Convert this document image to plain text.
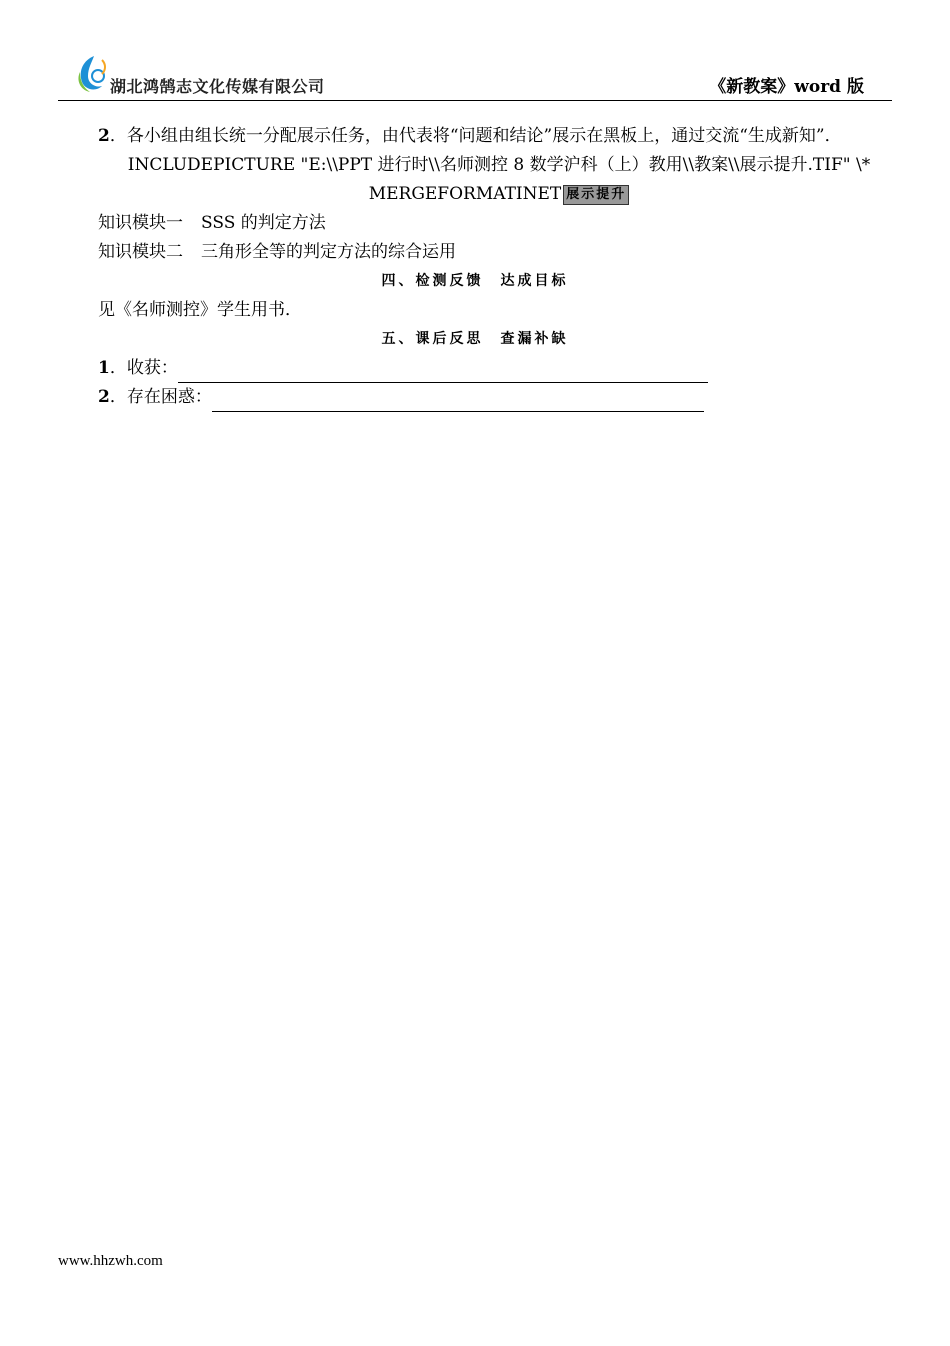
湖北鸿鹄志文化传媒有限公司	《新教案》word 版

2．各小组由组长统一分配展示任务，由代表将“问题和结论”展示在黑板上，通过交流“生成新知”．

INCLUDEPICTURE "E:\\PPT 进行时\\名师测控 8 数学沪科（上）教用\\教案\\展示提升.TIF" \*

MERGEFORMATINET 展示提升

知识模块一 SSS 的判定方法

知识模块二 三角形全等的判定方法的综合运用

四、检测反馈　达成目标

见《名师测控》学生用书．

五、课后反思　查漏补缺

1．收获：

2．存在困惑：

www.hhzwh.com
